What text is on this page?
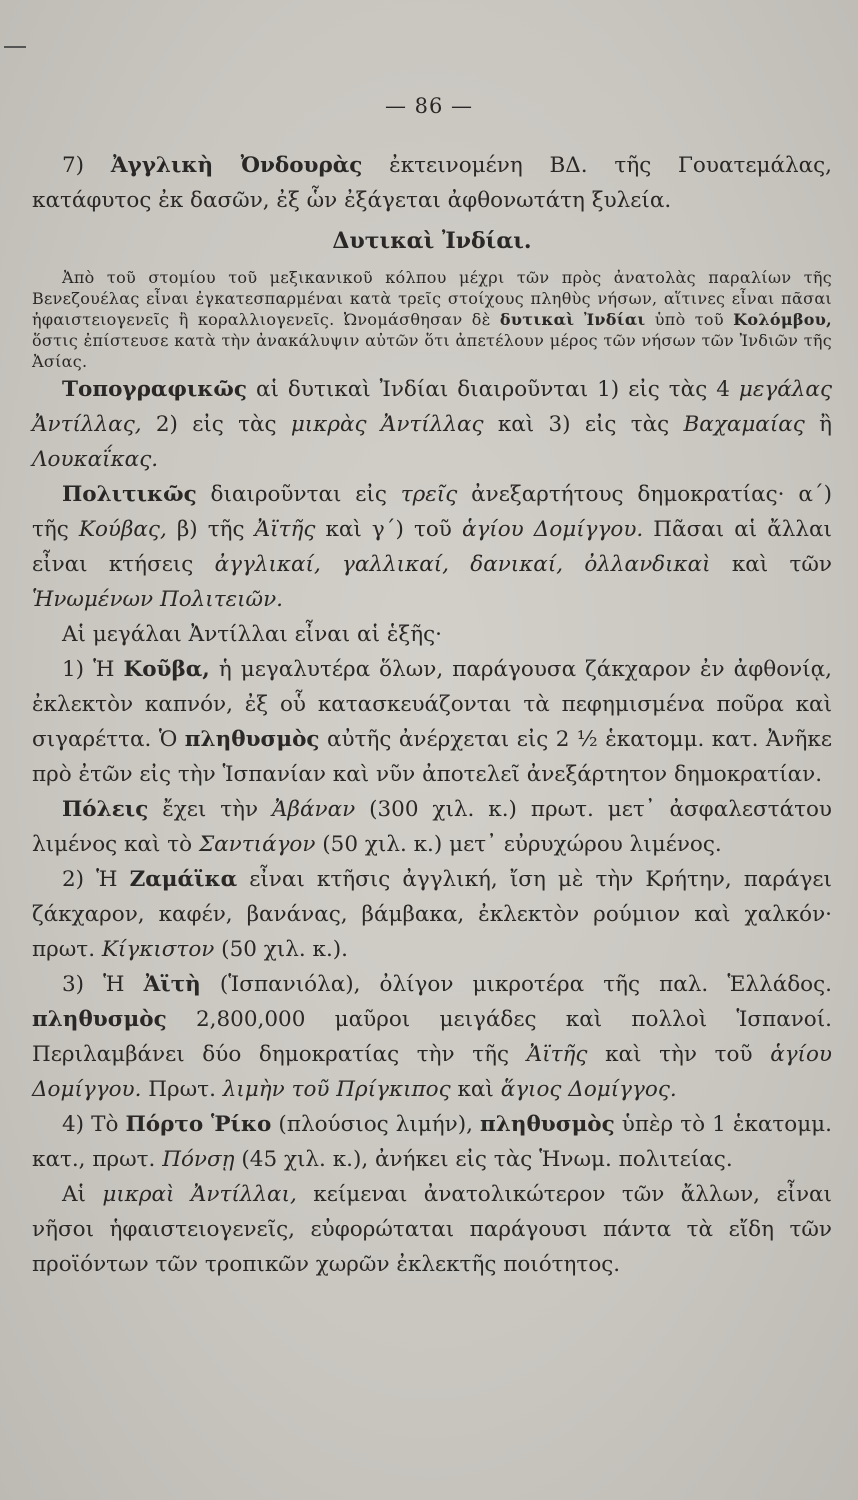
— 86 —

7) Ἀγγλικὴ Ὀνδουρὰς ἐκτεινομένη ΒΔ. τῆς Γουατεμάλας, κατάφυτος ἐκ δασῶν, ἐξ ὧν ἐξάγεται ἀφθονωτάτη ξυλεία.

Δυτικαὶ Ἰνδίαι.

Ἀπὸ τοῦ στομίου τοῦ μεξικανικοῦ κόλπου μέχρι τῶν πρὸς ἀνατολὰς παραλίων τῆς Βενεζουέλας εἶναι ἐγκατεσπαρμέναι κατὰ τρεῖς στοίχους πληθὺς νήσων, αἵτινες εἶναι πᾶσαι ἡφαιστειογενεῖς ἢ κοραλλιογενεῖς. Ὠνομάσθησαν δὲ δυτικαὶ Ἰνδίαι ὑπὸ τοῦ Κολόμβου, ὅστις ἐπίστευσε κατὰ τὴν ἀνακάλυψιν αὐτῶν ὅτι ἀπετέλουν μέρος τῶν νήσων τῶν Ἰνδιῶν τῆς Ἀσίας.

Τοπογραφικῶς αἱ δυτικαὶ Ἰνδίαι διαιροῦνται 1) εἰς τὰς 4 μεγάλας Ἀντίλλας, 2) εἰς τὰς μικρὰς Ἀντίλλας καὶ 3) εἰς τὰς Βαχαμαίας ἢ Λουκαΐκας.

Πολιτικῶς διαιροῦνται εἰς τρεῖς ἀνεξαρτήτους δημοκρατίας· α´) τῆς Κούβας, β) τῆς Ἀϊτῆς καὶ γ´) τοῦ ἁγίου Δομίγγου. Πᾶσαι αἱ ἄλλαι εἶναι κτήσεις ἀγγλικαί, γαλλικαί, δανικαί, ὀλλανδικαὶ καὶ τῶν Ἡνωμένων Πολιτειῶν.

Αἱ μεγάλαι Ἀντίλλαι εἶναι αἱ ἑξῆς·

1) Ἡ Κοῦβα, ἡ μεγαλυτέρα ὅλων, παράγουσα ζάκχαρον ἐν ἀφθονίᾳ, ἐκλεκτὸν καπνόν, ἐξ οὗ κατασκευάζονται τὰ πεφημισμένα ποῦρα καὶ σιγαρέττα. Ὁ πληθυσμὸς αὐτῆς ἀνέρχεται εἰς 2 ½ ἑκατομμ. κατ. Ἀνῆκε πρὸ ἐτῶν εἰς τὴν Ἱσπανίαν καὶ νῦν ἀποτελεῖ ἀνεξάρτητον δημοκρατίαν.

Πόλεις ἔχει τὴν Ἀβάναν (300 χιλ. κ.) πρωτ. μετ᾽ ἀσφαλεστάτου λιμένος καὶ τὸ Σαντιάγον (50 χιλ. κ.) μετ᾽ εὐρυχώρου λιμένος.

2) Ἡ Ζαμάϊκα εἶναι κτῆσις ἀγγλική, ἴση μὲ τὴν Κρήτην, παράγει ζάκχαρον, καφέν, βανάνας, βάμβακα, ἐκλεκτὸν ρούμιον καὶ χαλκόν· πρωτ. Κίγκιστον (50 χιλ. κ.).

3) Ἡ Ἀϊτὴ (Ἱσπανιόλα), ὀλίγον μικροτέρα τῆς παλ. Ἑλλάδος. πληθυσμὸς 2,800,000 μαῦροι μειγάδες καὶ πολλοὶ Ἱσπανοί. Περιλαμβάνει δύο δημοκρατίας τὴν τῆς Ἀϊτῆς καὶ τὴν τοῦ ἁγίου Δομίγγου. Πρωτ. λιμὴν τοῦ Πρίγκιπος καὶ ἅγιος Δομίγγος.

4) Τὸ Πόρτο Ῥίκο (πλούσιος λιμήν), πληθυσμὸς ὑπὲρ τὸ 1 ἑκατομμ. κατ., πρωτ. Πόνσῃ (45 χιλ. κ.), ἀνήκει εἰς τὰς Ἡνωμ. πολιτείας.

Αἱ μικραὶ Ἀντίλλαι, κείμεναι ἀνατολικώτερον τῶν ἄλλων, εἶναι νῆσοι ἡφαιστειογενεῖς, εὐφορώταται παράγουσι πάντα τὰ εἴδη τῶν προϊόντων τῶν τροπικῶν χωρῶν ἐκλεκτῆς ποιότητος.
